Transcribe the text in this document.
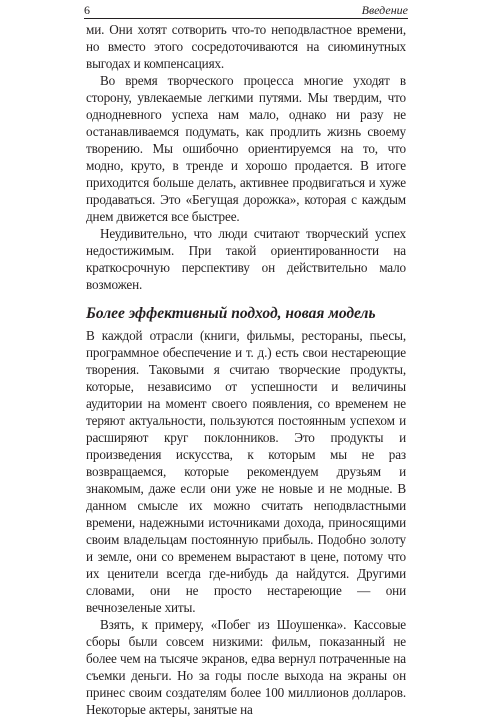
6	Введение

ми. Они хотят сотворить что-то неподвластное времени, но вместо этого сосредоточиваются на сиюминутных выгодах и компенсациях.

Во время творческого процесса многие уходят в сторону, увлекаемые легкими путями. Мы твердим, что однодневного успеха нам мало, однако ни разу не останавливаемся подумать, как продлить жизнь своему творению. Мы ошибочно ориентируемся на то, что модно, круто, в тренде и хорошо продается. В итоге приходится больше делать, активнее продвигаться и хуже продаваться. Это «Бегущая дорожка», которая с каждым днем движется все быстрее.

Неудивительно, что люди считают творческий успех недостижимым. При такой ориентированности на краткосрочную перспективу он действительно мало возможен.

Более эффективный подход, новая модель

В каждой отрасли (книги, фильмы, рестораны, пьесы, программное обеспечение и т. д.) есть свои нестареющие творения. Таковыми я считаю творческие продукты, которые, независимо от успешности и величины аудитории на момент своего появления, со временем не теряют актуальности, пользуются постоянным успехом и расширяют круг поклонников. Это продукты и произведения искусства, к которым мы не раз возвращаемся, которые рекомендуем друзьям и знакомым, даже если они уже не новые и не модные. В данном смысле их можно считать неподвластными времени, надежными источниками дохода, приносящими своим владельцам постоянную прибыль. Подобно золоту и земле, они со временем вырастают в цене, потому что их ценители всегда где-нибудь да найдутся. Другими словами, они не просто нестареющие — они вечнозеленые хиты.

Взять, к примеру, «Побег из Шоушенка». Кассовые сборы были совсем низкими: фильм, показанный не более чем на тысяче экранов, едва вернул потраченные на съемки деньги. Но за годы после выхода на экраны он принес своим создателям более 100 миллионов долларов. Некоторые актеры, занятые на
